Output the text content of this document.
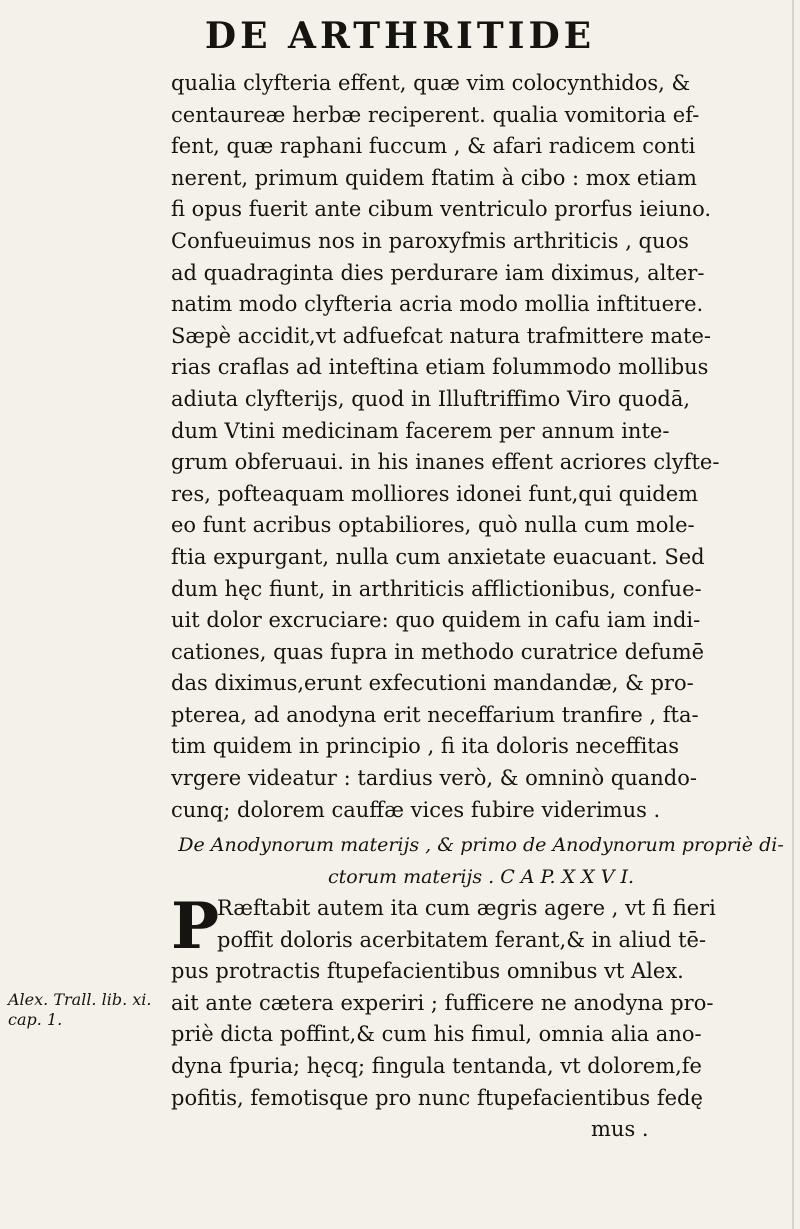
DE ARTHRITIDE
qualia clyfteria effent, quæ vim colocynthidos, &
centaureæ herbæ reciperent. qualia vomitoria ef-
fent, quæ raphani fuccum , & afari radicem conti
nerent, primum quidem ftatim à cibo : mox etiam
fi opus fuerit ante cibum ventriculo prorfus ieiuno.
Confueuimus nos in paroxyfmis arthriticis , quos
ad quadraginta dies perdurare iam diximus, alter-
natim modo clyfteria acria modo mollia inftituere.
Sæpè accidit,vt adfuefcat natura trafmittere mate-
rias craflas ad inteftina etiam folummodo mollibus
adiuta clyfterijs, quod in Illuftriffimo Viro quodā,
dum Vtini medicinam facerem per annum inte-
grum obferuaui. in his inanes effent acriores clyfte-
res, pofteaquam molliores idonei funt,qui quidem
eo funt acribus optabiliores, quò nulla cum mole-
ftia expurgant, nulla cum anxietate euacuant. Sed
dum hęc fiunt, in arthriticis afflictionibus, confue-
uit dolor excruciare: quo quidem in cafu iam indi-
cationes, quas fupra in methodo curatrice defumē
das diximus,erunt exfecutioni mandandæ, & pro-
pterea, ad anodyna erit neceffarium tranfire , fta-
tim quidem in principio , fi ita doloris neceffitas
vrgere videatur : tardius verò, & omninò quando-
cunq; dolorem cauffæ vices fubire viderimus .
De Anodynorum materijs , & primo de Anodynorum propriè di-
ctorum materijs . C A P. X X V I.
P
Ræftabit autem ita cum ægris agere , vt fi fieri
poffit doloris acerbitatem ferant,& in aliud tē-
pus protractis ftupefacientibus omnibus vt Alex.
ait ante cætera experiri ; fufficere ne anodyna pro-
priè dicta poffint,& cum his fimul, omnia alia ano-
dyna fpuria; hęcq; fingula tentanda, vt dolorem,fe
pofitis, femotisque pro nunc ftupefacientibus fedę
mus .
Alex. Trall. lib. xi. cap. 1.
